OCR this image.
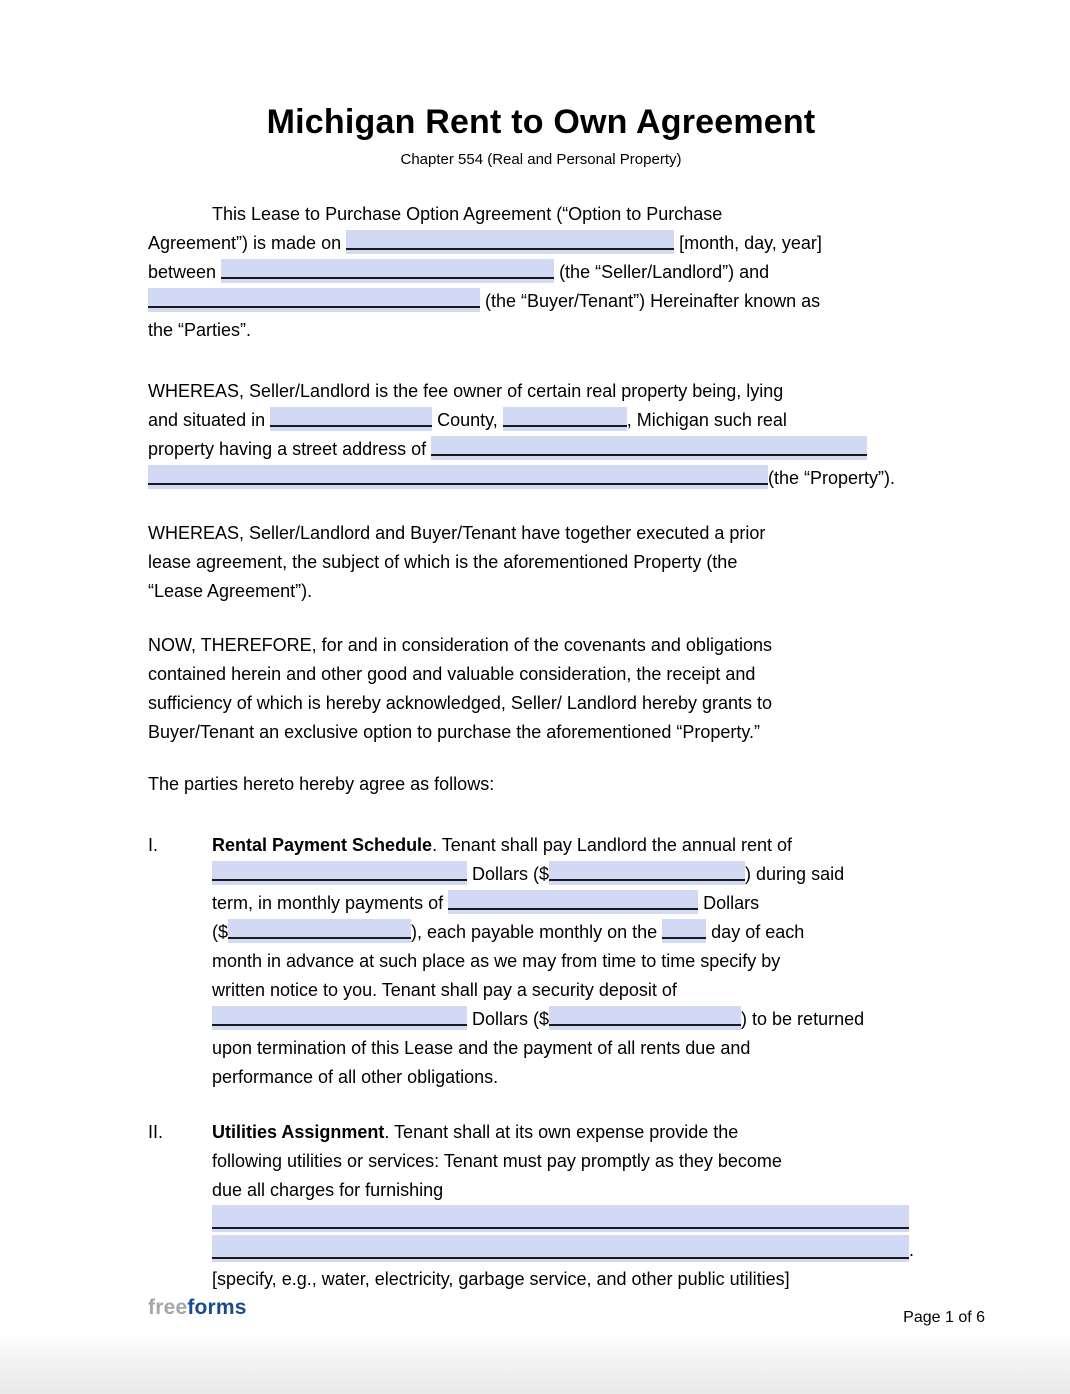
Michigan Rent to Own Agreement
Chapter 554 (Real and Personal Property)
This Lease to Purchase Option Agreement (“Option to Purchase
Agreement”) is made on	[month, day, year]
between	(the “Seller/Landlord”) and
(the “Buyer/Tenant”) Hereinafter known as
the “Parties”.
WHEREAS, Seller/Landlord is the fee owner of certain real property being, lying
and situated in	County,	, Michigan such real
property having a street address of
(the “Property”).
WHEREAS, Seller/Landlord and Buyer/Tenant have together executed a prior
lease agreement, the subject of which is the aforementioned Property (the
“Lease Agreement”).
NOW, THEREFORE, for and in consideration of the covenants and obligations
contained herein and other good and valuable consideration, the receipt and
sufficiency of which is hereby acknowledged, Seller/ Landlord hereby grants to
Buyer/Tenant an exclusive option to purchase the aforementioned “Property.”
The parties hereto hereby agree as follows:
I.	Rental Payment Schedule. Tenant shall pay Landlord the annual rent of
Dollars ($	) during said
term, in monthly payments of	Dollars
($	), each payable monthly on the  day of each
month in advance at such place as we may from time to time specify by
written notice to you. Tenant shall pay a security deposit of
Dollars ($	) to be returned
upon termination of this Lease and the payment of all rents due and
performance of all other obligations.
II.	Utilities Assignment. Tenant shall at its own expense provide the
following utilities or services: Tenant must pay promptly as they become
due all charges for furnishing
.
[specify, e.g., water, electricity, garbage service, and other public utilities]
freeforms	Page 1 of 6
